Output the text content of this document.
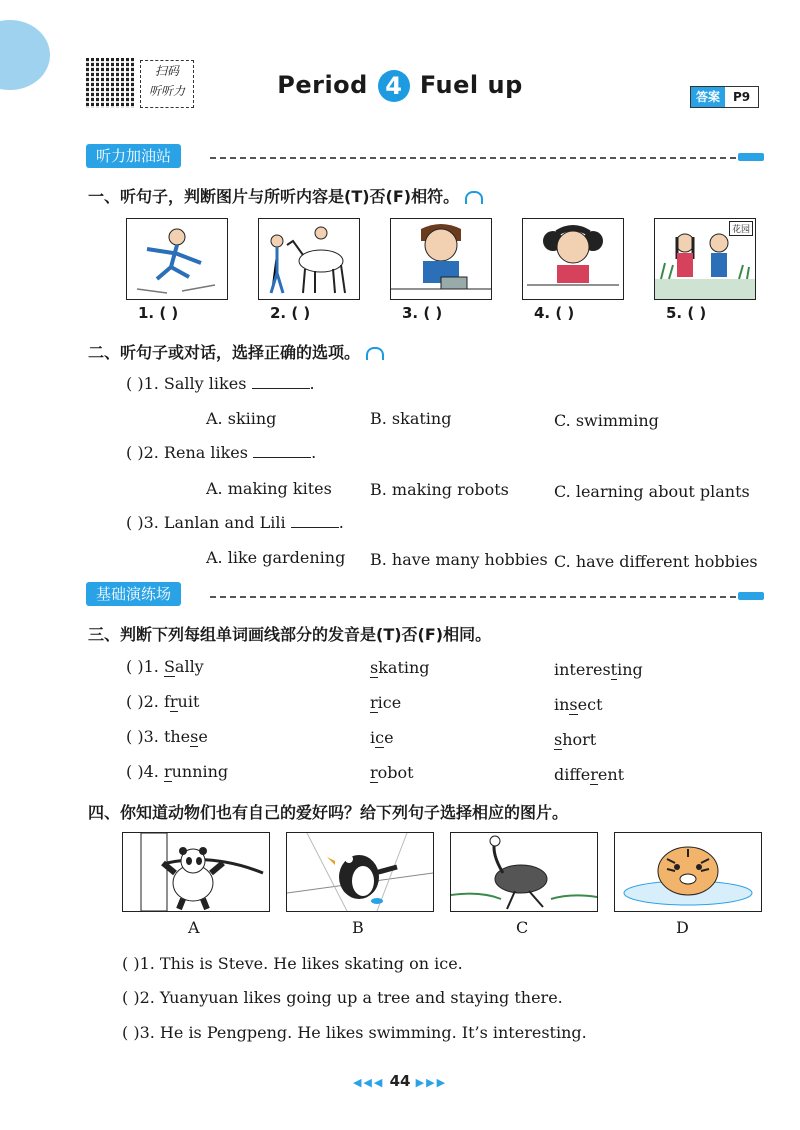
扫码
听听力	Period 4 Fuel up	答案	P9
听力加油站
一、听句子，判断图片与所听内容是(T)否(F)相符。
花园
1. ( )	2. ( )	3. ( )	4. ( )	5. ( )
二、听句子或对话，选择正确的选项。
( )1. Sally likes	.
A. skiing	B. skating	C. swimming
( )2. Rena likes	.
A. making kites B. making robots	C. learning about plants
( )3. Lanlan and Lili	.
A. like gardening B. have many hobbies C. have different hobbies
基础演练场
三、判断下列每组单词画线部分的发音是(T)否(F)相同。
( )1. Sally	skating	interesting
( )2. fruit	rice	insect
( )3. these	ice	short
( )4. running	robot	different
四、你知道动物们也有自己的爱好吗？给下列句子选择相应的图片。
A	B	C	D
( )1. This is Steve. He likes skating on ice.
( )2. Yuanyuan likes going up a tree and staying there.
( )3. He is Pengpeng. He likes swimming. It’s interesting.
◀◀◀ 44 ▶▶▶
